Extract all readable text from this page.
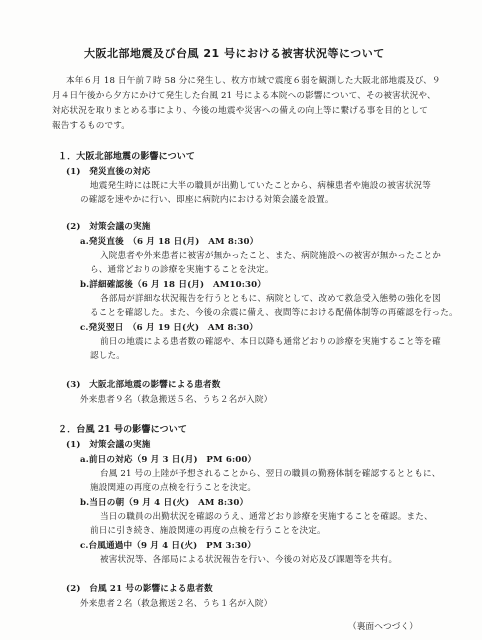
大阪北部地震及び台風 21 号における被害状況等について
本年６月 18 日午前７時 58 分に発生し、枚方市域で震度６弱を観測した大阪北部地震及び、９
月４日午後から夕方にかけて発生した台風 21 号による本院への影響について、その被害状況や、
対応状況を取りまとめる事により、今後の地震や災害への備えの向上等に繋げる事を目的として
報告するものです。
１．大阪北部地震の影響について
(1)　発災直後の対応
地震発生時には既に大半の職員が出勤していたことから、病棟患者や施設の被害状況等
の確認を速やかに行い、即座に病院内における対策会議を設置。
(2)　対策会議の実施
a.発災直後　（6 月 18 日(月)　AM 8:30）
入院患者や外来患者に被害が無かったこと、また、病院施設への被害が無かったことか
ら、通常どおりの診療を実施することを決定。
b.詳細確認後（6 月 18 日(月)　AM10:30）
各部局が詳細な状況報告を行うとともに、病院として、改めて救急受入態勢の強化を図
ることを確認した。また、今後の余震に備え、夜間等における配備体制等の再確認を行った。
c.発災翌日　（6 月 19 日(火)　AM 8:30）
前日の地震による患者数の確認や、本日以降も通常どおりの診療を実施すること等を確
認した。
(3)　大阪北部地震の影響による患者数
外来患者９名（救急搬送５名、うち２名が入院）
２．台風 21 号の影響について
(1)　対策会議の実施
a.前日の対応（9 月 3 日(月)　PM 6:00）
台風 21 号の上陸が予想されることから、翌日の職員の勤務体制を確認するとともに、
施設関連の再度の点検を行うことを決定。
b.当日の朝（9 月 4 日(火)　AM 8:30）
当日の職員の出勤状況を確認のうえ、通常どおり診療を実施することを確認。また、
前日に引き続き、施設関連の再度の点検を行うことを決定。
c.台風通過中（9 月 4 日(火)　PM 3:30）
被害状況等、各部局による状況報告を行い、今後の対応及び課題等を共有。
(2)　台風 21 号の影響による患者数
外来患者２名（救急搬送２名、うち１名が入院）
（裏面へつづく）
